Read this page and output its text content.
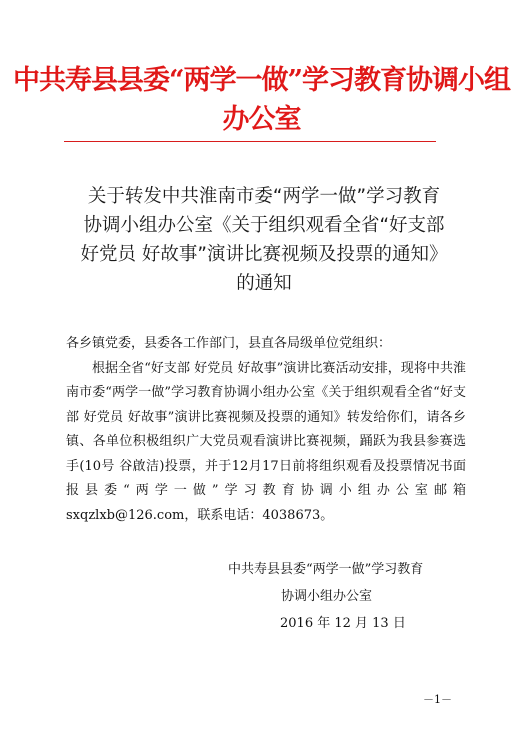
中共寿县县委“两学一做”学习教育协调小组办公室
关于转发中共淮南市委“两学一做”学习教育
协调小组办公室《关于组织观看全省“好支部
好党员 好故事”演讲比赛视频及投票的通知》
的通知
各乡镇党委，县委各工作部门，县直各局级单位党组织：
根据全省“好支部 好党员 好故事”演讲比赛活动安排，现将中共淮南市委“两学一做”学习教育协调小组办公室《关于组织观看全省“好支部 好党员 好故事”演讲比赛视频及投票的通知》转发给你们，请各乡镇、各单位积极组织广大党员观看演讲比赛视频，踊跃为我县参赛选手(10号 谷啟洁)投票，并于12月17日前将组织观看及投票情况书面报县委“两学一做”学习教育协调小组办公室邮箱 sxqzlxb@126.com，联系电话：4038673。
中共寿县县委“两学一做”学习教育
协调小组办公室
2016 年 12 月 13 日
－1－
